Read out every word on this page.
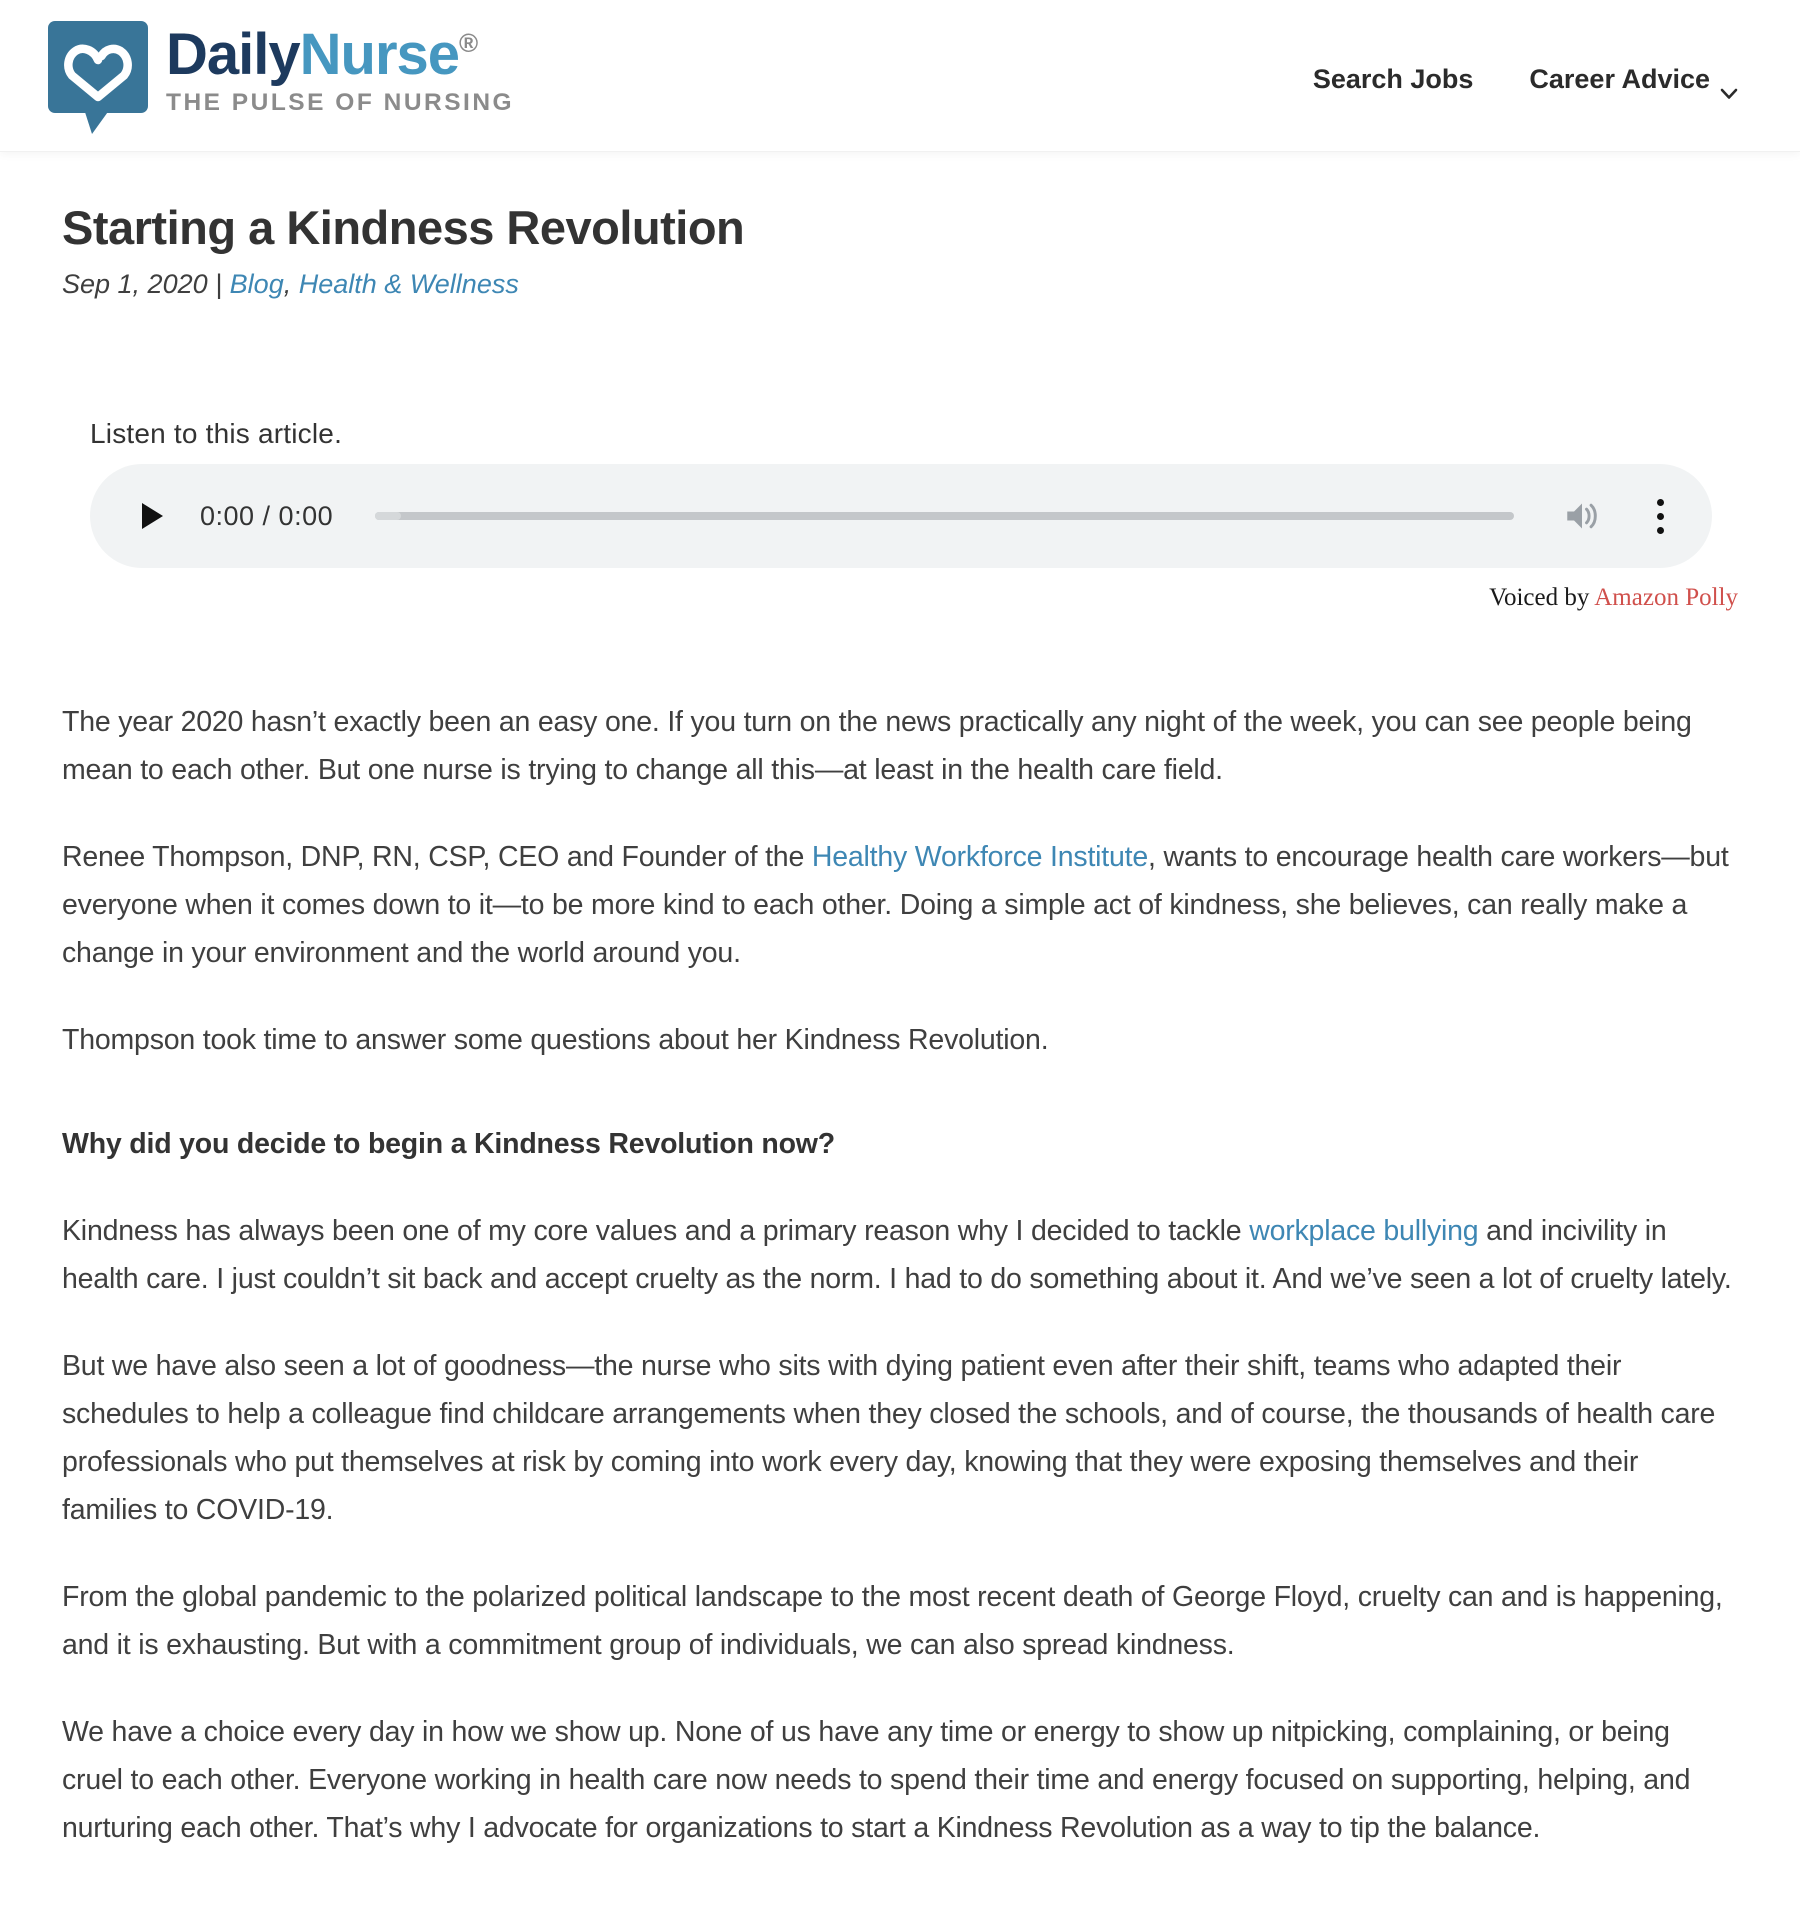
DailyNurse®
THE PULSE OF NURSING
Search Jobs Career Advice
Starting a Kindness Revolution
Sep 1, 2020 | Blog, Health & Wellness
Listen to this article.
0:00 / 0:00
Voiced by Amazon Polly

The year 2020 hasn’t exactly been an easy one. If you turn on the news practically any night of the week, you can see people being mean to each other. But one nurse is trying to change all this—at least in the health care field.

Renee Thompson, DNP, RN, CSP, CEO and Founder of the Healthy Workforce Institute, wants to encourage health care workers—but everyone when it comes down to it—to be more kind to each other. Doing a simple act of kindness, she believes, can really make a change in your environment and the world around you.

Thompson took time to answer some questions about her Kindness Revolution.

Why did you decide to begin a Kindness Revolution now?

Kindness has always been one of my core values and a primary reason why I decided to tackle workplace bullying and incivility in health care. I just couldn’t sit back and accept cruelty as the norm. I had to do something about it. And we’ve seen a lot of cruelty lately.

But we have also seen a lot of goodness—the nurse who sits with dying patient even after their shift, teams who adapted their schedules to help a colleague find childcare arrangements when they closed the schools, and of course, the thousands of health care professionals who put themselves at risk by coming into work every day, knowing that they were exposing themselves and their families to COVID-19.

From the global pandemic to the polarized political landscape to the most recent death of George Floyd, cruelty can and is happening, and it is exhausting. But with a commitment group of individuals, we can also spread kindness.

We have a choice every day in how we show up. None of us have any time or energy to show up nitpicking, complaining, or being cruel to each other. Everyone working in health care now needs to spend their time and energy focused on supporting, helping, and nurturing each other. That’s why I advocate for organizations to start a Kindness Revolution as a way to tip the balance.
